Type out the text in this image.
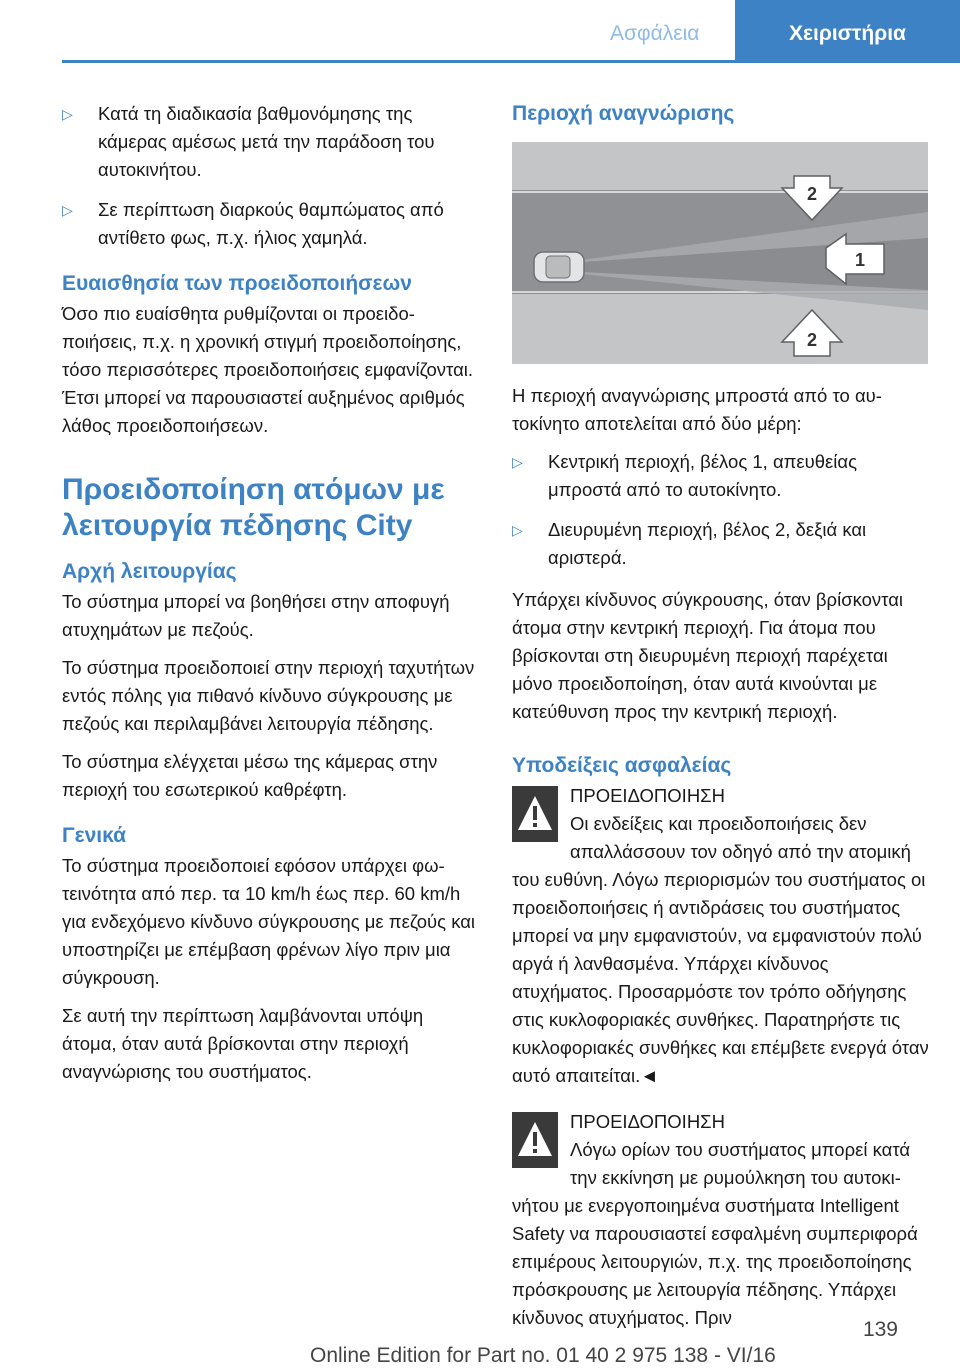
Ασφάλεια	Χειριστήρια
▷ Κατά τη διαδικασία βαθμονόμησης της κάμερας αμέσως μετά την παράδοση του αυτοκινήτου.
▷ Σε περίπτωση διαρκούς θαμπώματος από αντίθετο φως, π.χ. ήλιος χαμηλά.
Ευαισθησία των προειδοποιήσεων

Όσο πιο ευαίσθητα ρυθμίζονται οι προειδοποιήσεις, π.χ. η χρονική στιγμή προειδοποίησης, τόσο περισσότερες προειδοποιήσεις εμφανίζονται. Έτσι μπορεί να παρουσιαστεί αυξημένος αριθμός λάθος προειδοποιήσεων.

Προειδοποίηση ατόμων με λειτουργία πέδησης City
Αρχή λειτουργίας

Το σύστημα μπορεί να βοηθήσει στην αποφυγή ατυχημάτων με πεζούς.

Το σύστημα προειδοποιεί στην περιοχή ταχυτήτων εντός πόλης για πιθανό κίνδυνο σύγκρουσης με πεζούς και περιλαμβάνει λειτουργία πέδησης.

Το σύστημα ελέγχεται μέσω της κάμερας στην περιοχή του εσωτερικού καθρέφτη.

Γενικά

Το σύστημα προειδοποιεί εφόσον υπάρχει φωτεινότητα από περ. τα 10 km/h έως περ. 60 km/h για ενδεχόμενο κίνδυνο σύγκρουσης με πεζούς και υποστηρίζει με επέμβαση φρένων λίγο πριν μια σύγκρουση.

Σε αυτή την περίπτωση λαμβάνονται υπόψη άτομα, όταν αυτά βρίσκονται στην περιοχή αναγνώρισης του συστήματος.

Περιοχή αναγνώρισης
2
1
2

Η περιοχή αναγνώρισης μπροστά από το αυτοκίνητο αποτελείται από δύο μέρη:

▷ Κεντρική περιοχή, βέλος 1, απευθείας μπροστά από το αυτοκίνητο.
▷ Διευρυμένη περιοχή, βέλος 2, δεξιά και αριστερά.

Υπάρχει κίνδυνος σύγκρουσης, όταν βρίσκονται άτομα στην κεντρική περιοχή. Για άτομα που βρίσκονται στη διευρυμένη περιοχή παρέχεται μόνο προειδοποίηση, όταν αυτά κινούνται με κατεύθυνση προς την κεντρική περιοχή.

Υποδείξεις ασφαλείας
ΠΡΟΕΙΔΟΠΟΙΗΣΗ

Οι ενδείξεις και προειδοποιήσεις δεν απαλλάσσουν τον οδηγό από την ατομική του ευθύνη. Λόγω περιορισμών του συστήματος οι προειδοποιήσεις ή αντιδράσεις του συστήματος μπορεί να μην εμφανιστούν, να εμφανιστούν πολύ αργά ή λανθασμένα. Υπάρχει κίνδυνος ατυχήματος. Προσαρμόστε τον τρόπο οδήγησης στις κυκλοφοριακές συνθήκες. Παρατηρήστε τις κυκλοφοριακές συνθήκες και επέμβετε ενεργά όταν αυτό απαιτείται.◄

ΠΡΟΕΙΔΟΠΟΙΗΣΗ

Λόγω ορίων του συστήματος μπορεί κατά την εκκίνηση με ρυμούλκηση του αυτοκινήτου με ενεργοποιημένα συστήματα Intelligent Safety να παρουσιαστεί εσφαλμένη συμπεριφορά επιμέρους λειτουργιών, π.χ. της προειδοποίησης πρόσκρουσης με λειτουργία πέδησης. Υπάρχει κίνδυνος ατυχήματος. Πριν

139
Online Edition for Part no. 01 40 2 975 138 - VI/16
